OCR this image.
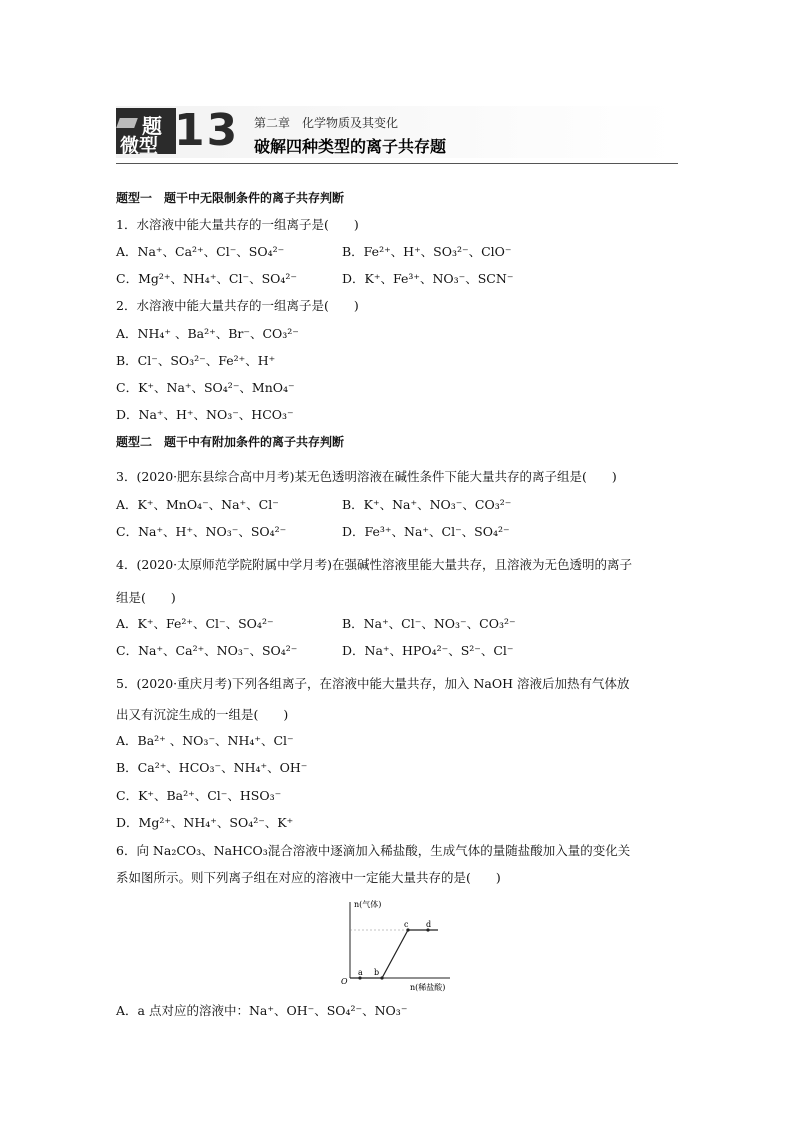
题
微型 13 第二章　化学物质及其变化
破解四种类型的离子共存题
题型一　题干中无限制条件的离子共存判断
1．水溶液中能大量共存的一组离子是(　　)
A．Na⁺、Ca²⁺、Cl⁻、SO₄²⁻	B．Fe²⁺、H⁺、SO₃²⁻、ClO⁻
C．Mg²⁺、NH₄⁺、Cl⁻、SO₄²⁻	D．K⁺、Fe³⁺、NO₃⁻、SCN⁻
2．水溶液中能大量共存的一组离子是(　　)
A．NH₄⁺ 、Ba²⁺、Br⁻、CO₃²⁻
B．Cl⁻、SO₃²⁻、Fe²⁺、H⁺
C．K⁺、Na⁺、SO₄²⁻、MnO₄⁻
D．Na⁺、H⁺、NO₃⁻、HCO₃⁻
题型二　题干中有附加条件的离子共存判断
3．(2020·肥东县综合高中月考)某无色透明溶液在碱性条件下能大量共存的离子组是(　　)
A．K⁺、MnO₄⁻、Na⁺、Cl⁻	B．K⁺、Na⁺、NO₃⁻、CO₃²⁻
C．Na⁺、H⁺、NO₃⁻、SO₄²⁻	D．Fe³⁺、Na⁺、Cl⁻、SO₄²⁻
4．(2020·太原师范学院附属中学月考)在强碱性溶液里能大量共存，且溶液为无色透明的离子
组是(　　)
A．K⁺、Fe²⁺、Cl⁻、SO₄²⁻	B．Na⁺、Cl⁻、NO₃⁻、CO₃²⁻
C．Na⁺、Ca²⁺、NO₃⁻、SO₄²⁻	D．Na⁺、HPO₄²⁻、S²⁻、Cl⁻
5．(2020·重庆月考)下列各组离子，在溶液中能大量共存，加入 NaOH 溶液后加热有气体放
出又有沉淀生成的一组是(　　)
A．Ba²⁺ 、NO₃⁻、NH₄⁺、Cl⁻
B．Ca²⁺、HCO₃⁻、NH₄⁺、OH⁻
C．K⁺、Ba²⁺、Cl⁻、HSO₃⁻
D．Mg²⁺、NH₄⁺、SO₄²⁻、K⁺
6．向 Na₂CO₃、NaHCO₃混合溶液中逐滴加入稀盐酸，生成气体的量随盐酸加入量的变化关
系如图所示。则下列离子组在对应的溶液中一定能大量共存的是(　　)
n(气体)
n(稀盐酸)
O
a b
c d
A．a 点对应的溶液中：Na⁺、OH⁻、SO₄²⁻、NO₃⁻
